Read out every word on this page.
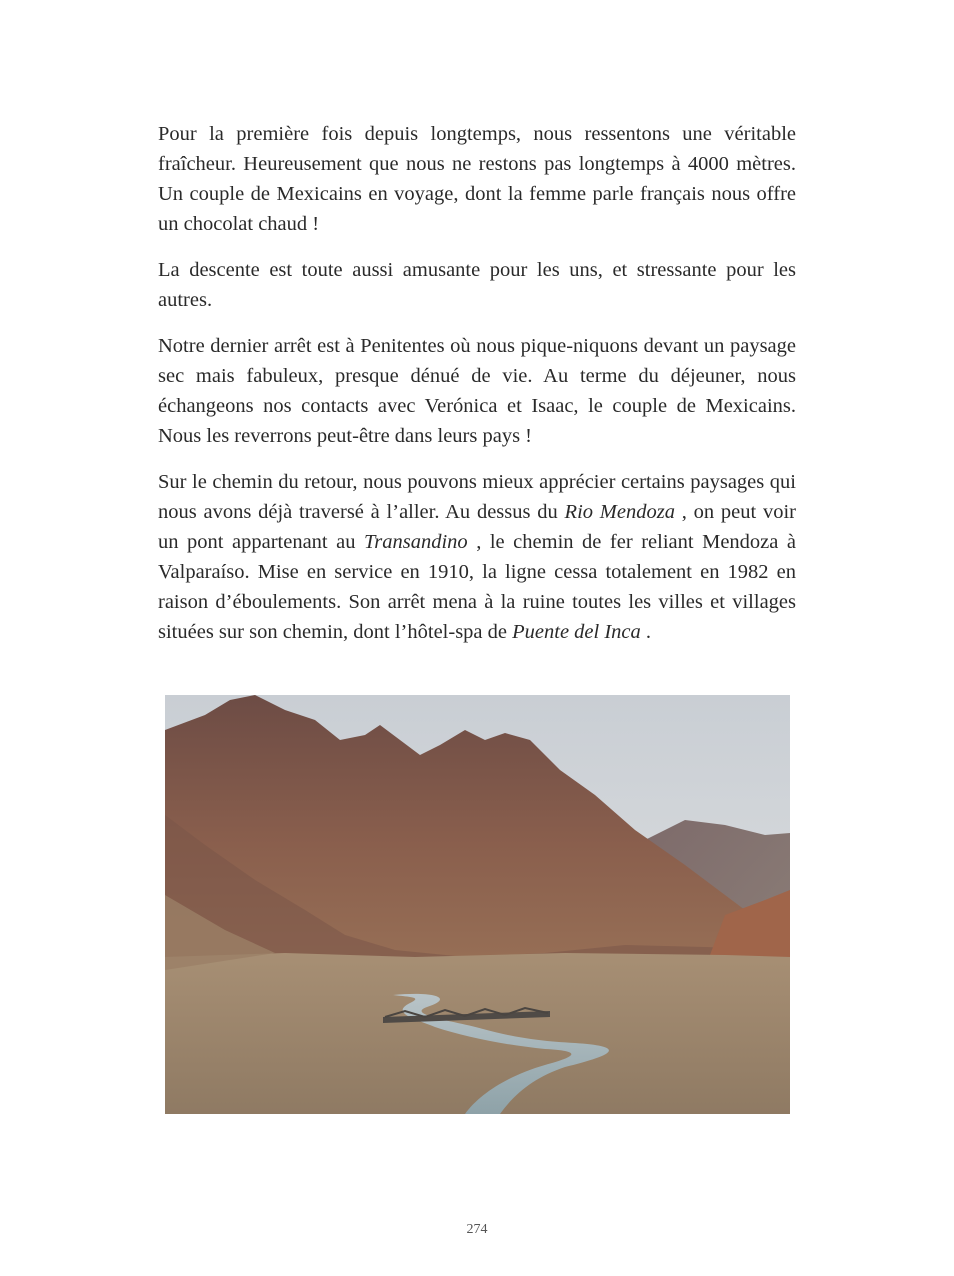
Pour la première fois depuis longtemps, nous ressentons une véritable fraîcheur. Heureusement que nous ne restons pas longtemps à 4000 mètres. Un couple de Mexicains en voyage, dont la femme parle français nous offre un chocolat chaud !

La descente est toute aussi amusante pour les uns, et stressante pour les autres.

Notre dernier arrêt est à Penitentes où nous pique-niquons devant un paysage sec mais fabuleux, presque dénué de vie. Au terme du déjeuner, nous échangeons nos contacts avec Verónica et Isaac, le couple de Mexicains. Nous les reverrons peut-être dans leurs pays !

Sur le chemin du retour, nous pouvons mieux apprécier certains paysages qui nous avons déjà traversé à l’aller. Au dessus du Rio Mendoza , on peut voir un pont appartenant au Transandino , le chemin de fer reliant Mendoza à Valparaíso. Mise en service en 1910, la ligne cessa totalement en 1982 en raison d’éboulements. Son arrêt mena à la ruine toutes les villes et villages situées sur son chemin, dont l’hôtel-spa de Puente del Inca .

274
